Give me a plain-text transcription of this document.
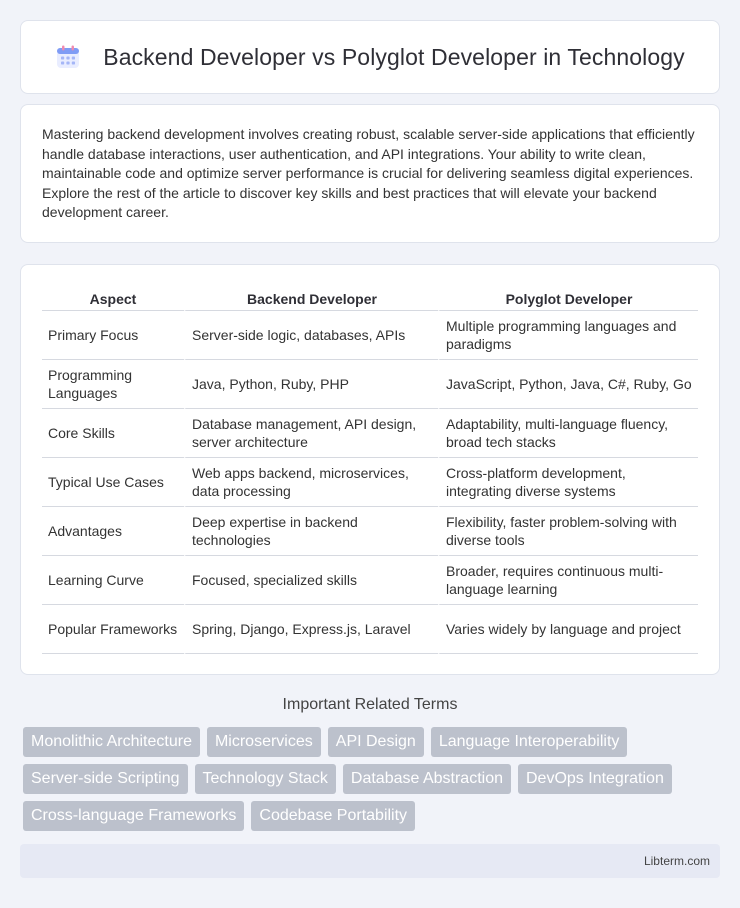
Backend Developer vs Polyglot Developer in Technology

Mastering backend development involves creating robust, scalable server-side applications that efficiently handle database interactions, user authentication, and API integrations. Your ability to write clean, maintainable code and optimize server performance is crucial for delivering seamless digital experiences. Explore the rest of the article to discover key skills and best practices that will elevate your backend development career.

Aspect	Backend Developer	Polyglot Developer
Primary Focus	Server-side logic, databases, APIs	Multiple programming languages and paradigms
Programming Languages	Java, Python, Ruby, PHP	JavaScript, Python, Java, C#, Ruby, Go
Core Skills	Database management, API design, server architecture	Adaptability, multi-language fluency, broad tech stacks
Typical Use Cases	Web apps backend, microservices, data processing	Cross-platform development, integrating diverse systems
Advantages	Deep expertise in backend technologies	Flexibility, faster problem-solving with diverse tools
Learning Curve	Focused, specialized skills	Broader, requires continuous multi-language learning
Popular Frameworks	Spring, Django, Express.js, Laravel	Varies widely by language and project
Important Related Terms
Monolithic Architecture	Microservices	API Design	Language Interoperability
Server-side Scripting	Technology Stack	Database Abstraction	DevOps Integration
Cross-language Frameworks	Codebase Portability
Libterm.com
